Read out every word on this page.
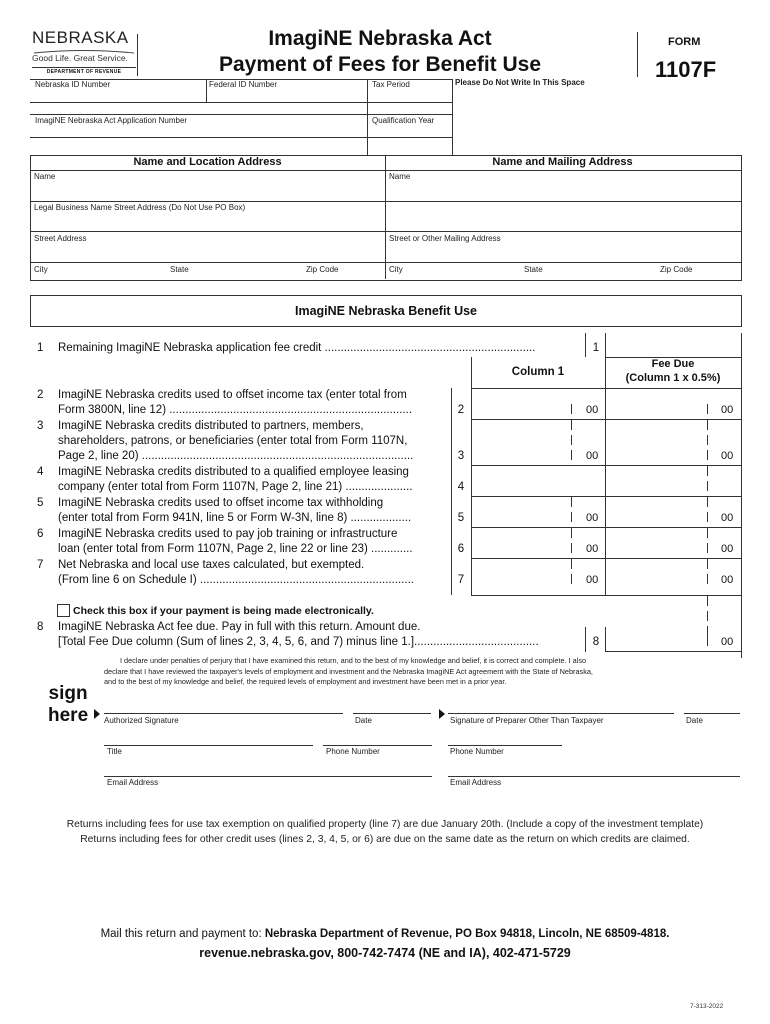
NEBRASKA
Good Life. Great Service.
DEPARTMENT OF REVENUE
ImagiNE Nebraska Act
Payment of Fees for Benefit Use
FORM
1107F
Nebraska ID Number	Federal ID Number	Tax Period	Please Do Not Write In This Space
ImagiNE Nebraska Act Application Number	Qualification Year
Name and Location Address	Name and Mailing Address
Name	Name
Legal Business Name Street Address (Do Not Use PO Box)
Street Address	Street or Other Mailing Address
City	State	Zip Code	City	State	Zip Code
ImagiNE Nebraska Benefit Use
1 Remaining ImagiNE Nebraska application fee credit ..................................................................	1
Column 1
Fee Due
(Column 1 x 0.5%)
2 ImagiNE Nebraska credits used to offset income tax (enter total from
Form 3800N, line 12) ............................................................................	2	00	00
3 ImagiNE Nebraska credits distributed to partners, members,
shareholders, patrons, or beneficiaries (enter total from Form 1107N,
Page 2, line 20) .....................................................................................	3	00	00
4 ImagiNE Nebraska credits distributed to a qualified employee leasing
company (enter total from Form 1107N, Page 2, line 21) .....................	4
5 ImagiNE Nebraska credits used to offset income tax withholding
(enter total from Form 941N, line 5 or Form W-3N, line 8) ...................	5	00	00
6 ImagiNE Nebraska credits used to pay job training or infrastructure
loan (enter total from Form 1107N, Page 2, line 22 or line 23) .............	6	00	00
7 Net Nebraska and local use taxes calculated, but exempted.
(From line 6 on Schedule I) ...................................................................	7	00	00
Check this box if your payment is being made electronically.
8 ImagiNE Nebraska Act fee due. Pay in full with this return. Amount due.
[Total Fee Due column (Sum of lines 2, 3, 4, 5, 6, and 7) minus line 1.].......................................	8	00
I declare under penalties of perjury that I have examined this return, and to the best of my knowledge and belief, it is correct and complete. I also
declare that I have reviewed the taxpayer's levels of employment and investment and the Nebraska ImagiNE Act agreement with the State of Nebraska,
and to the best of my knowledge and belief, the required levels of employment and investment have been met in a prior year.
sign
here Authorized Signature	Date	Signature of Preparer Other Than Taxpayer	Date
Title	Phone Number	Phone Number
Email Address	Email Address
Returns including fees for use tax exemption on qualified property (line 7) are due January 20th. (Include a copy of the investment template)
Returns including fees for other credit uses (lines 2, 3, 4, 5, or 6) are due on the same date as the return on which credits are claimed.
Mail this return and payment to: Nebraska Department of Revenue, PO Box 94818, Lincoln, NE 68509-4818.
revenue.nebraska.gov, 800-742-7474 (NE and IA), 402-471-5729
7-313-2022
